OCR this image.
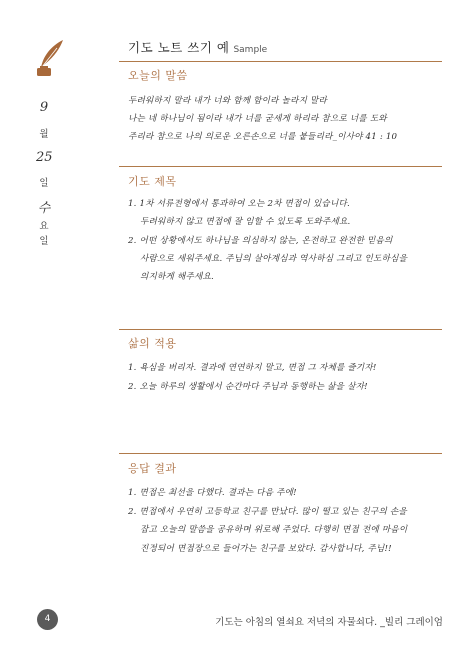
기도 노트 쓰기 예 Sample
9
월
25
일
수
요
일
오늘의 말씀
두려워하지 말라 내가 너와 함께 함이라 놀라지 말라
나는 네 하나님이 됨이라 내가 너를 굳세게 하리라 참으로 너를 도와
주리라 참으로 나의 의로운 오른손으로 너를 붙들리라_이사야 41 : 10
기도 제목
1. 1차 서류전형에서 통과하여 오는 2차 면접이 있습니다.
두려워하지 않고 면접에 잘 임할 수 있도록 도와주세요.
2. 어떤 상황에서도 하나님을 의심하지 않는, 온전하고 완전한 믿음의
사람으로 세워주세요. 주님의 살아계심과 역사하심 그리고 인도하심을
의지하게 해주세요.
삶의 적용
1. 욕심을 버리자. 결과에 연연하지 말고, 면접 그 자체를 즐기자!
2. 오늘 하루의 생활에서 순간마다 주님과 동행하는 삶을 살자!
응답 결과
1. 면접은 최선을 다했다. 결과는 다음 주에!
2. 면접에서 우연히 고등학교 친구를 만났다. 많이 떨고 있는 친구의 손을
잡고 오늘의 말씀을 공유하며 위로해 주었다. 다행히 면접 전에 마음이
진정되어 면접장으로 들어가는 친구를 보았다. 감사합니다, 주님!!
4	기도는 아침의 열쇠요 저녁의 자물쇠다. _빌리 그레이엄
